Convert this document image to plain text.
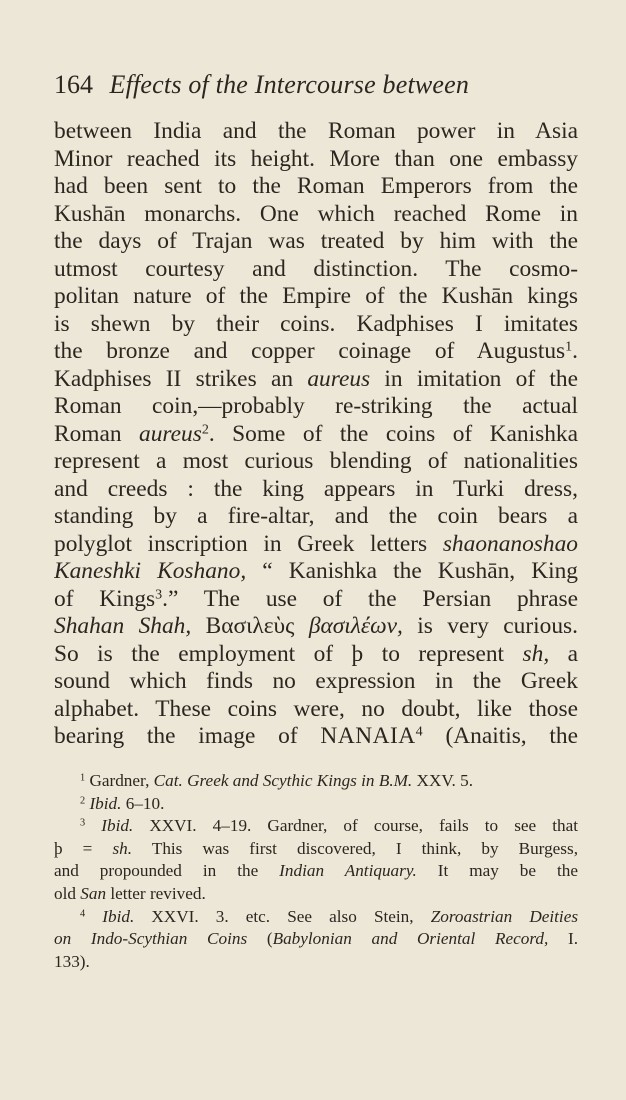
164 Effects of the Intercourse between
between India and the Roman power in Asia
Minor reached its height. More than one embassy
had been sent to the Roman Emperors from the
Kushān monarchs. One which reached Rome in
the days of Trajan was treated by him with the
utmost courtesy and distinction. The cosmo-
politan nature of the Empire of the Kushān kings
is shewn by their coins. Kadphises I imitates
the bronze and copper coinage of Augustus$^1$.
Kadphises II strikes an aureus in imitation of the
Roman coin,—probably re-striking the actual
Roman aureus$^2$. Some of the coins of Kanishka
represent a most curious blending of nationalities
and creeds : the king appears in Turki dress,
standing by a fire-altar, and the coin bears a
polyglot inscription in Greek letters shaonanoshao
Kaneshki Koshano, “ Kanishka the Kushān, King
of Kings$^3$.” The use of the Persian phrase
Shahan Shah, Βασιλεὺς βασιλέων, is very curious.
So is the employment of þ to represent sh, a
sound which finds no expression in the Greek
alphabet. These coins were, no doubt, like those
bearing the image of NANAIA$^4$ (Anaitis, the
$^1$ Gardner, Cat. Greek and Scythic Kings in B.M. XXV. 5.
$^2$ Ibid. 6–10.
$^3$ Ibid. XXVI. 4–19. Gardner, of course, fails to see that
þ = sh. This was first discovered, I think, by Burgess,
and propounded in the Indian Antiquary. It may be the
old San letter revived.
$^4$ Ibid. XXVI. 3. etc. See also Stein, Zoroastrian Deities
on Indo-Scythian Coins (Babylonian and Oriental Record, I.
133).
